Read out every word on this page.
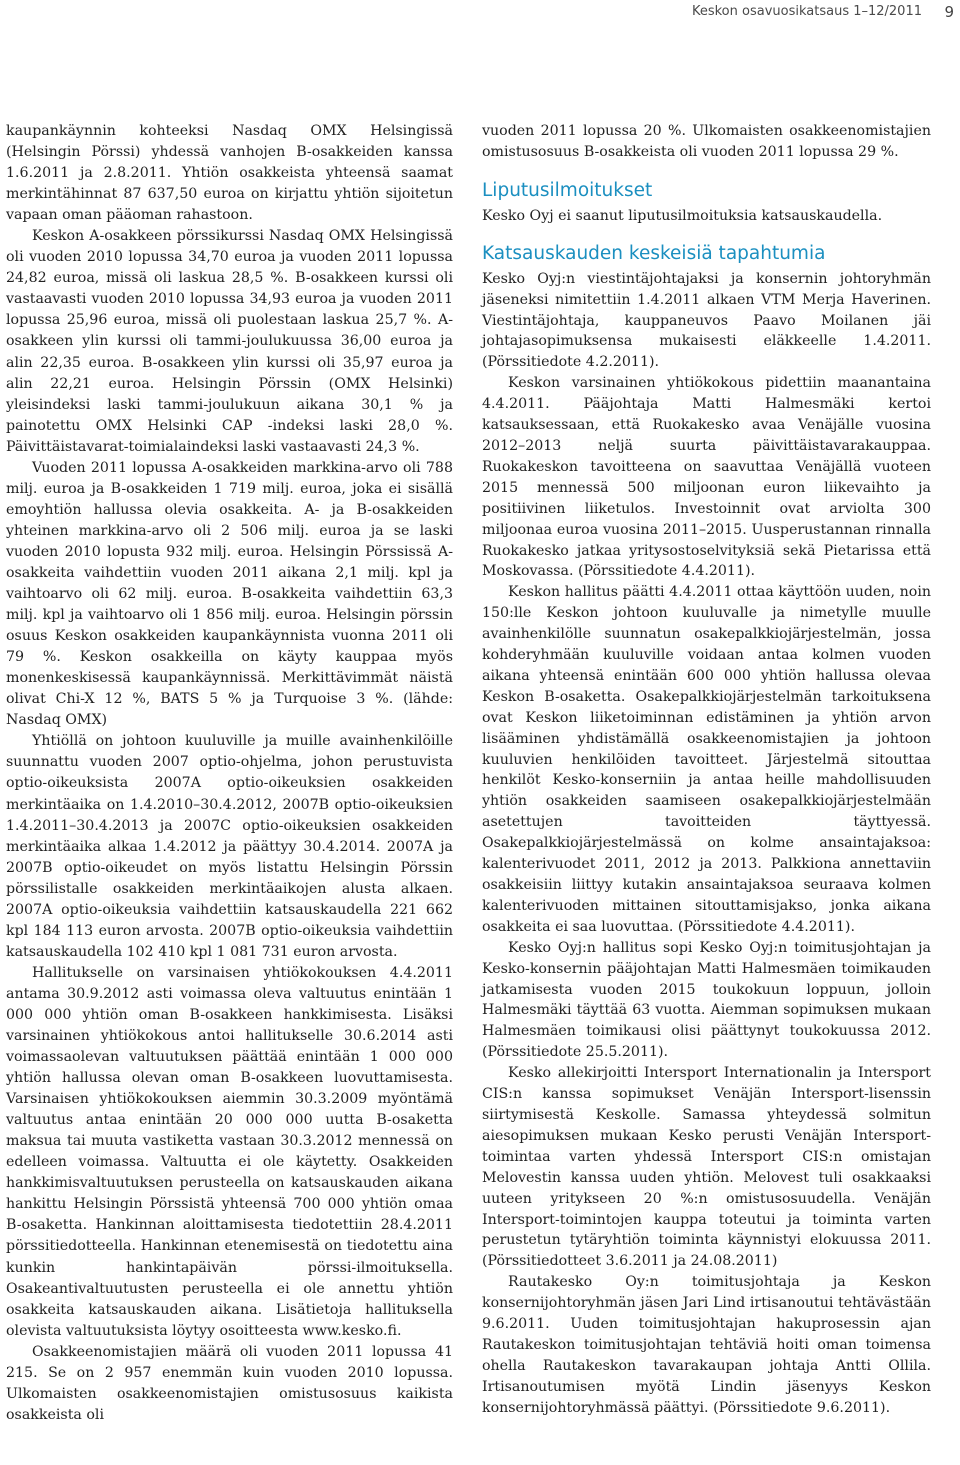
Keskon osavuosikatsaus 1–12/2011 9

kaupankäynnin kohteeksi Nasdaq OMX Helsingissä (Helsingin Pörssi) yhdessä vanhojen B-osakkeiden kanssa 1.6.2011 ja 2.8.2011. Yhtiön osakkeista yhteensä saamat merkintähinnat 87 637,50 euroa on kirjattu yhtiön sijoitetun vapaan oman pääoman rahastoon.

Keskon A-osakkeen pörssikurssi Nasdaq OMX Helsingissä oli vuoden 2010 lopussa 34,70 euroa ja vuoden 2011 lopussa 24,82 euroa, missä oli laskua 28,5 %. B-osakkeen kurssi oli vastaavasti vuoden 2010 lopussa 34,93 euroa ja vuoden 2011 lopussa 25,96 euroa, missä oli puolestaan laskua 25,7 %. A-osakkeen ylin kurssi oli tammi-joulukuussa 36,00 euroa ja alin 22,35 euroa. B-osakkeen ylin kurssi oli 35,97 euroa ja alin 22,21 euroa. Helsingin Pörssin (OMX Helsinki) yleisindeksi laski tammi-joulukuun aikana 30,1 % ja painotettu OMX Helsinki CAP -indeksi laski 28,0 %. Päivittäistavarat-toimialaindeksi laski vastaavasti 24,3 %.

Vuoden 2011 lopussa A-osakkeiden markkina-arvo oli 788 milj. euroa ja B-osakkeiden 1 719 milj. euroa, joka ei sisällä emoyhtiön hallussa olevia osakkeita. A- ja B-osakkeiden yhteinen markkina-arvo oli 2 506 milj. euroa ja se laski vuoden 2010 lopusta 932 milj. euroa. Helsingin Pörssissä A-osakkeita vaihdettiin vuoden 2011 aikana 2,1 milj. kpl ja vaihtoarvo oli 62 milj. euroa. B-osakkeita vaihdettiin 63,3 milj. kpl ja vaihtoarvo oli 1 856 milj. euroa. Helsingin pörssin osuus Keskon osakkeiden kaupankäynnista vuonna 2011 oli 79 %. Keskon osakkeilla on käyty kauppaa myös monenkeskisessä kaupankäynnissä. Merkittävimmät näistä olivat Chi-X 12 %, BATS 5 % ja Turquoise 3 %. (lähde: Nasdaq OMX)

Yhtiöllä on johtoon kuuluville ja muille avainhenkilöille suunnattu vuoden 2007 optio-ohjelma, johon perustuvista optio-oikeuksista 2007A optio-oikeuksien osakkeiden merkintäaika on 1.4.2010–30.4.2012, 2007B optio-oikeuksien 1.4.2011–30.4.2013 ja 2007C optio-oikeuksien osakkeiden merkintäaika alkaa 1.4.2012 ja päättyy 30.4.2014. 2007A ja 2007B optio-oikeudet on myös listattu Helsingin Pörssin pörssilistalle osakkeiden merkintäaikojen alusta alkaen. 2007A optio-oikeuksia vaihdettiin katsauskaudella 221 662 kpl 184 113 euron arvosta. 2007B optio-oikeuksia vaihdettiin katsauskaudella 102 410 kpl 1 081 731 euron arvosta.

Hallitukselle on varsinaisen yhtiökokouksen 4.4.2011 antama 30.9.2012 asti voimassa oleva valtuutus enintään 1 000 000 yhtiön oman B-osakkeen hankkimisesta. Lisäksi varsinainen yhtiökokous antoi hallitukselle 30.6.2014 asti voimassaolevan valtuutuksen päättää enintään 1 000 000 yhtiön hallussa olevan oman B-osakkeen luovuttamisesta. Varsinaisen yhtiökokouksen aiemmin 30.3.2009 myöntämä valtuutus antaa enintään 20 000 000 uutta B-osaketta maksua tai muuta vastiketta vastaan 30.3.2012 mennessä on edelleen voimassa. Valtuutta ei ole käytetty. Osakkeiden hankkimisvaltuutuksen perusteella on katsauskauden aikana hankittu Helsingin Pörssistä yhteensä 700 000 yhtiön omaa B-osaketta. Hankinnan aloittamisesta tiedotettiin 28.4.2011 pörssitiedotteella. Hankinnan etenemisestä on tiedotettu aina kunkin hankintapäivän pörssi-ilmoituksella. Osakeantivaltuutusten perusteella ei ole annettu yhtiön osakkeita katsauskauden aikana. Lisätietoja hallituksella olevista valtuutuksista löytyy osoitteesta www.kesko.fi.

Osakkeenomistajien määrä oli vuoden 2011 lopussa 41 215. Se on 2 957 enemmän kuin vuoden 2010 lopussa. Ulkomaisten osakkeenomistajien omistusosuus kaikista osakkeista oli

vuoden 2011 lopussa 20 %. Ulkomaisten osakkeenomistajien omistusosuus B-osakkeista oli vuoden 2011 lopussa 29 %.

Liputusilmoitukset

Kesko Oyj ei saanut liputusilmoituksia katsauskaudella.

Katsauskauden keskeisiä tapahtumia

Kesko Oyj:n viestintäjohtajaksi ja konsernin johtoryhmän jäseneksi nimitettiin 1.4.2011 alkaen VTM Merja Haverinen. Viestintäjohtaja, kauppaneuvos Paavo Moilanen jäi johtajasopimuksensa mukaisesti eläkkeelle 1.4.2011. (Pörssitiedote 4.2.2011).

Keskon varsinainen yhtiökokous pidettiin maanantaina 4.4.2011. Pääjohtaja Matti Halmesmäki kertoi katsauksessaan, että Ruokakesko avaa Venäjälle vuosina 2012–2013 neljä suurta päivittäistavarakauppaa. Ruokakeskon tavoitteena on saavuttaa Venäjällä vuoteen 2015 mennessä 500 miljoonan euron liikevaihto ja positiivinen liiketulos. Investoinnit ovat arviolta 300 miljoonaa euroa vuosina 2011–2015. Uusperustannan rinnalla Ruokakesko jatkaa yritysostoselvityksiä sekä Pietarissa että Moskovassa. (Pörssitiedote 4.4.2011).

Keskon hallitus päätti 4.4.2011 ottaa käyttöön uuden, noin 150:lle Keskon johtoon kuuluvalle ja nimetylle muulle avainhenkilölle suunnatun osakepalkkiojärjestelmän, jossa kohderyhmään kuuluville voidaan antaa kolmen vuoden aikana yhteensä enintään 600 000 yhtiön hallussa olevaa Keskon B-osaketta. Osakepalkkiojärjestelmän tarkoituksena ovat Keskon liiketoiminnan edistäminen ja yhtiön arvon lisääminen yhdistämällä osakkeenomistajien ja johtoon kuuluvien henkilöiden tavoitteet. Järjestelmä sitouttaa henkilöt Kesko-konserniin ja antaa heille mahdollisuuden yhtiön osakkeiden saamiseen osakepalkkiojärjestelmään asetettujen tavoitteiden täyttyessä. Osakepalkkiojärjestelmässä on kolme ansaintajaksoa: kalenterivuodet 2011, 2012 ja 2013. Palkkiona annettaviin osakkeisiin liittyy kutakin ansaintajaksoa seuraava kolmen kalenterivuoden mittainen sitouttamisjakso, jonka aikana osakkeita ei saa luovuttaa. (Pörssitiedote 4.4.2011).

Kesko Oyj:n hallitus sopi Kesko Oyj:n toimitusjohtajan ja Kesko-konsernin pääjohtajan Matti Halmesmäen toimikauden jatkamisesta vuoden 2015 toukokuun loppuun, jolloin Halmesmäki täyttää 63 vuotta. Aiemman sopimuksen mukaan Halmesmäen toimikausi olisi päättynyt toukokuussa 2012. (Pörssitiedote 25.5.2011).

Kesko allekirjoitti Intersport Internationalin ja Intersport CIS:n kanssa sopimukset Venäjän Intersport-lisenssin siirtymisestä Keskolle. Samassa yhteydessä solmitun aiesopimuksen mukaan Kesko perusti Venäjän Intersport-toimintaa varten yhdessä Intersport CIS:n omistajan Melovestin kanssa uuden yhtiön. Melovest tuli osakkaaksi uuteen yritykseen 20 %:n omistusosuudella. Venäjän Intersport-toimintojen kauppa toteutui ja toiminta varten perustetun tytäryhtiön toiminta käynnistyi elokuussa 2011. (Pörssitiedotteet 3.6.2011 ja 24.08.2011)

Rautakesko Oy:n toimitusjohtaja ja Keskon konsernijohtoryhmän jäsen Jari Lind irtisanoutui tehtävästään 9.6.2011. Uuden toimitusjohtajan hakuprosessin ajan Rautakeskon toimitusjohtajan tehtäviä hoiti oman toimensa ohella Rautakeskon tavarakaupan johtaja Antti Ollila. Irtisanoutumisen myötä Lindin jäsenyys Keskon konsernijohtoryhmässä päättyi. (Pörssitiedote 9.6.2011).
